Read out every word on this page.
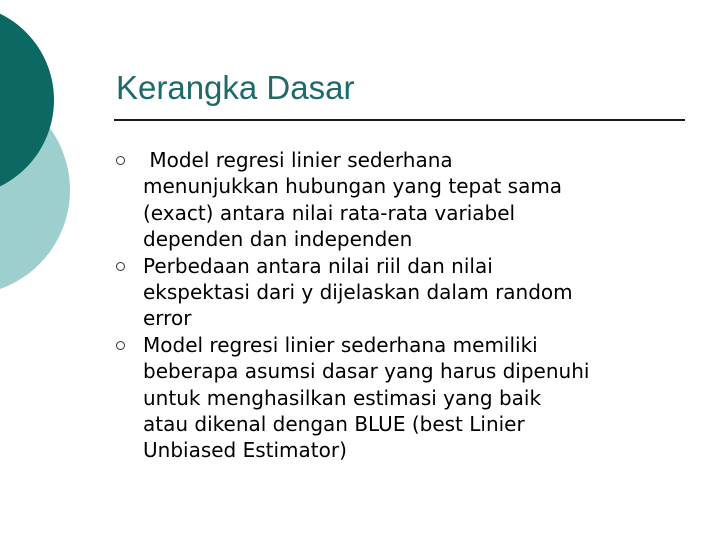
Kerangka Dasar
Model regresi linier sederhana
menunjukkan hubungan yang tepat sama
(exact) antara nilai rata-rata variabel
dependen dan independen
Perbedaan antara nilai riil dan nilai
ekspektasi dari y dijelaskan dalam random
error
Model regresi linier sederhana memiliki
beberapa asumsi dasar yang harus dipenuhi
untuk menghasilkan estimasi yang baik
atau dikenal dengan BLUE (best Linier
Unbiased Estimator)
